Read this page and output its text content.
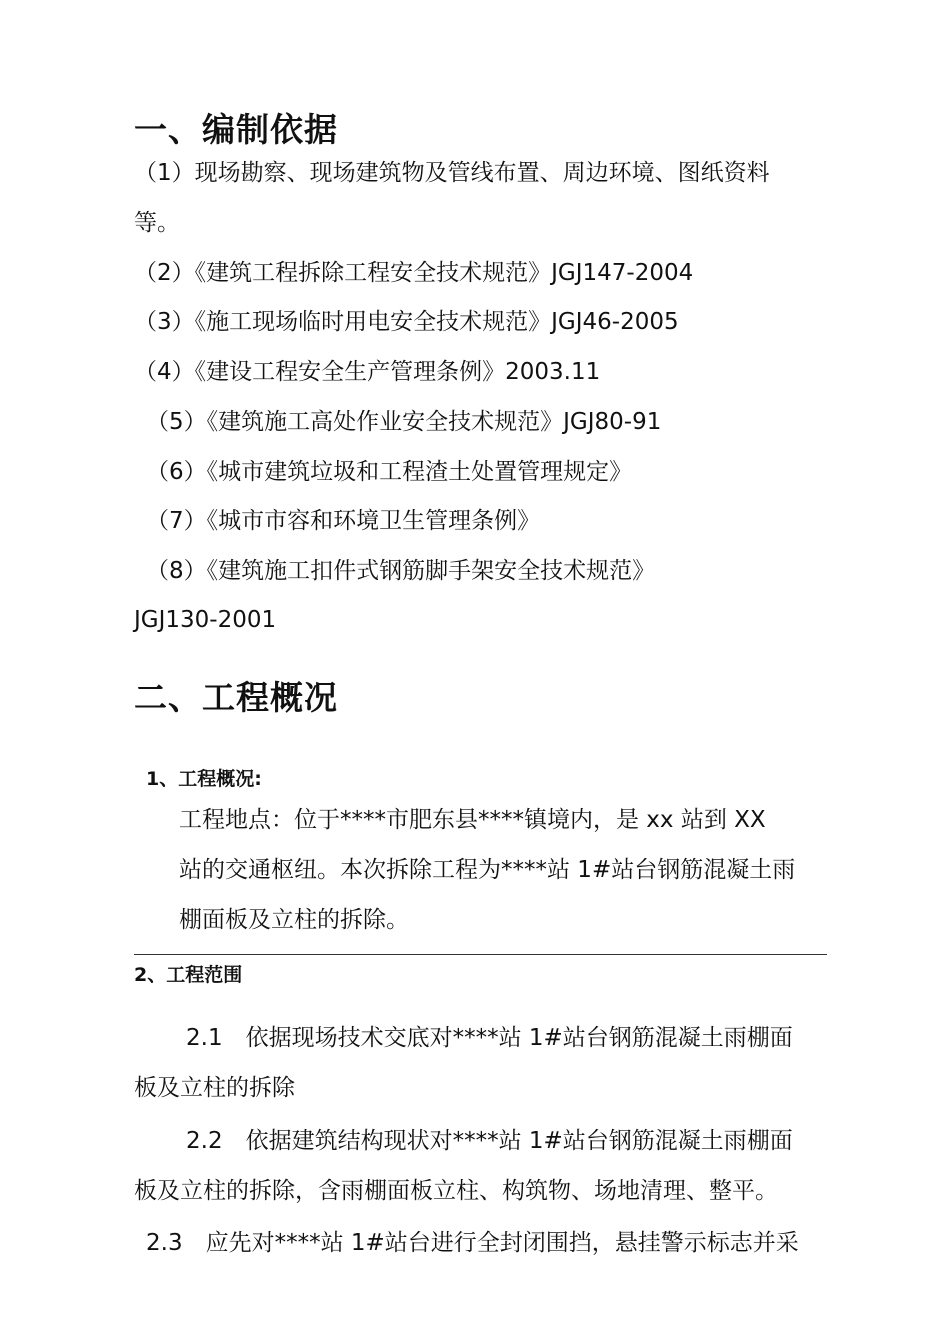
一、编制依据
（1）现场勘察、现场建筑物及管线布置、周边环境、图纸资料
等。
（2）《建筑工程拆除工程安全技术规范》JGJ147-2004
（3）《施工现场临时用电安全技术规范》JGJ46-2005
（4）《建设工程安全生产管理条例》2003.11
（5）《建筑施工高处作业安全技术规范》JGJ80-91
（6）《城市建筑垃圾和工程渣土处置管理规定》
（7）《城市市容和环境卫生管理条例》
（8）《建筑施工扣件式钢筋脚手架安全技术规范》
JGJ130-2001
二、工程概况
1、工程概况:
工程地点：位于****市肥东县****镇境内，是 xx 站到 XX
站的交通枢纽。本次拆除工程为****站 1#站台钢筋混凝土雨
棚面板及立柱的拆除。
2、工程范围
2.1　依据现场技术交底对****站 1#站台钢筋混凝土雨棚面
板及立柱的拆除
2.2　依据建筑结构现状对****站 1#站台钢筋混凝土雨棚面
板及立柱的拆除，含雨棚面板立柱、构筑物、场地清理、整平。
2.3　应先对****站 1#站台进行全封闭围挡，悬挂警示标志并采
